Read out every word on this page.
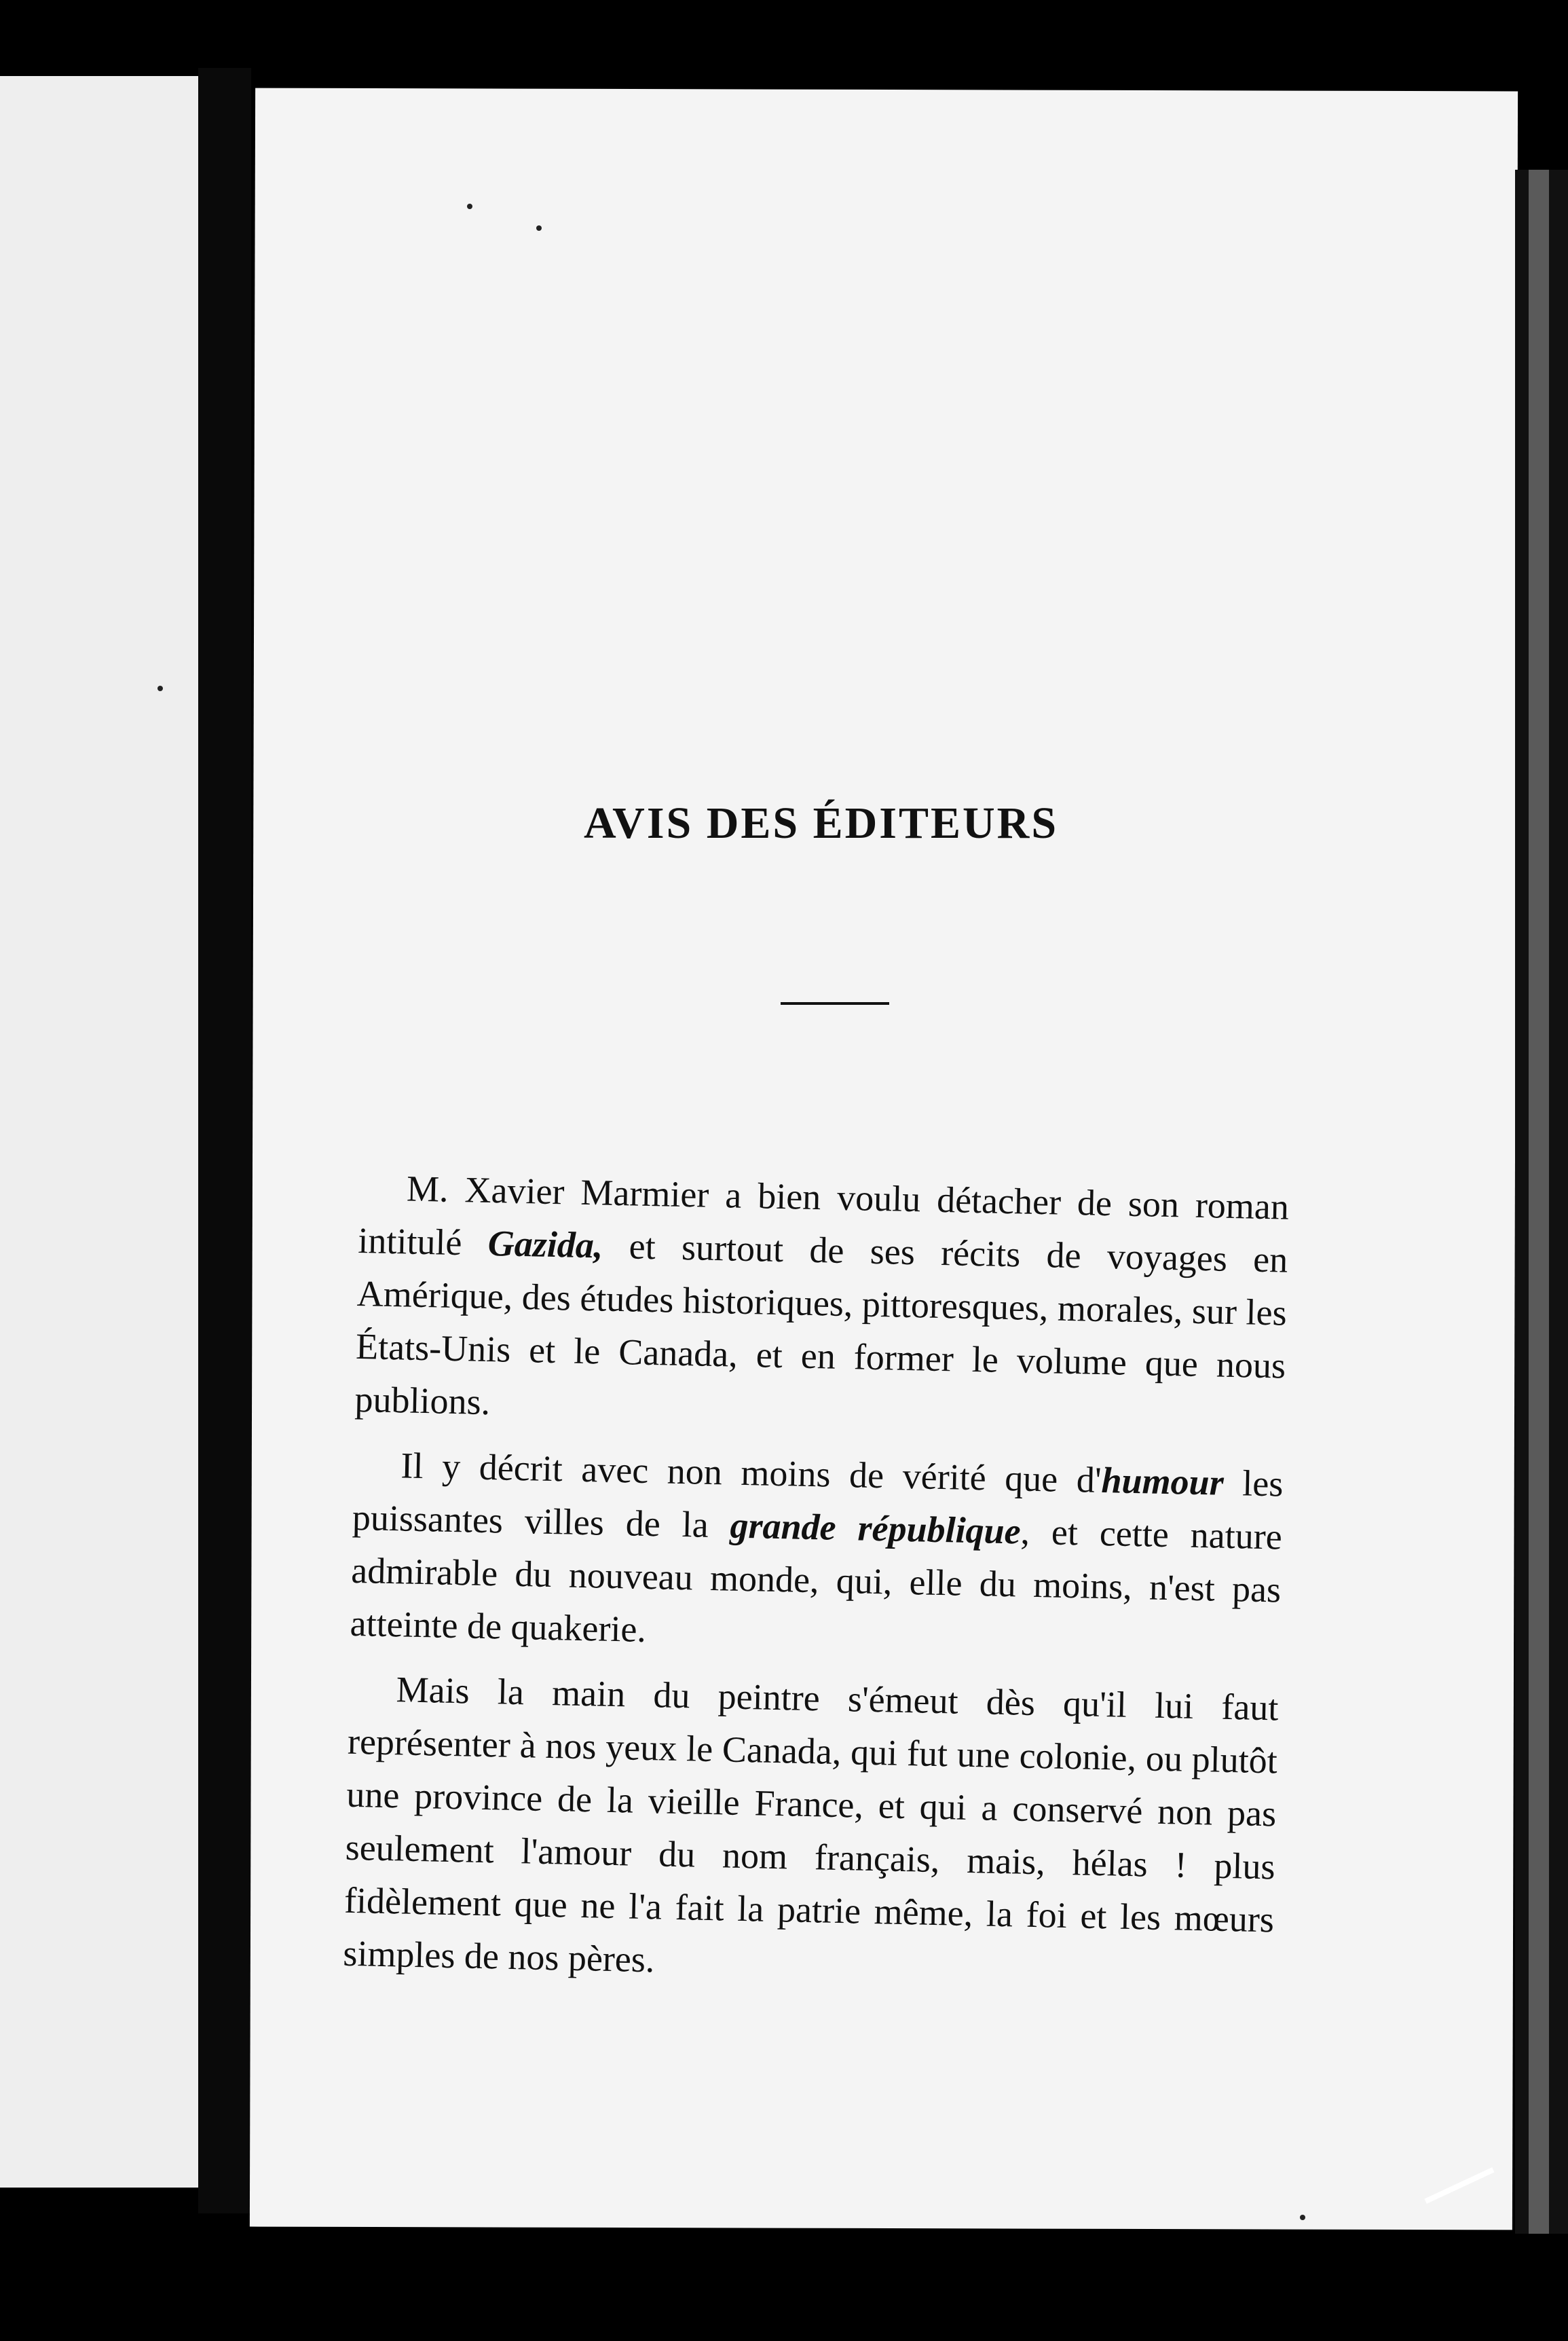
AVIS DES ÉDITEURS

M. Xavier Marmier a bien voulu détacher de son roman intitulé Gazida, et surtout de ses récits de voyages en Amérique, des études historiques, pittoresques, morales, sur les États-Unis et le Canada, et en former le volume que nous publions.

Il y décrit avec non moins de vérité que d'humour les puissantes villes de la grande république, et cette nature admirable du nouveau monde, qui, elle du moins, n'est pas atteinte de quakerie.

Mais la main du peintre s'émeut dès qu'il lui faut représenter à nos yeux le Canada, qui fut une colonie, ou plutôt une province de la vieille France, et qui a conservé non pas seulement l'amour du nom français, mais, hélas ! plus fidèlement que ne l'a fait la patrie même, la foi et les mœurs simples de nos pères.
